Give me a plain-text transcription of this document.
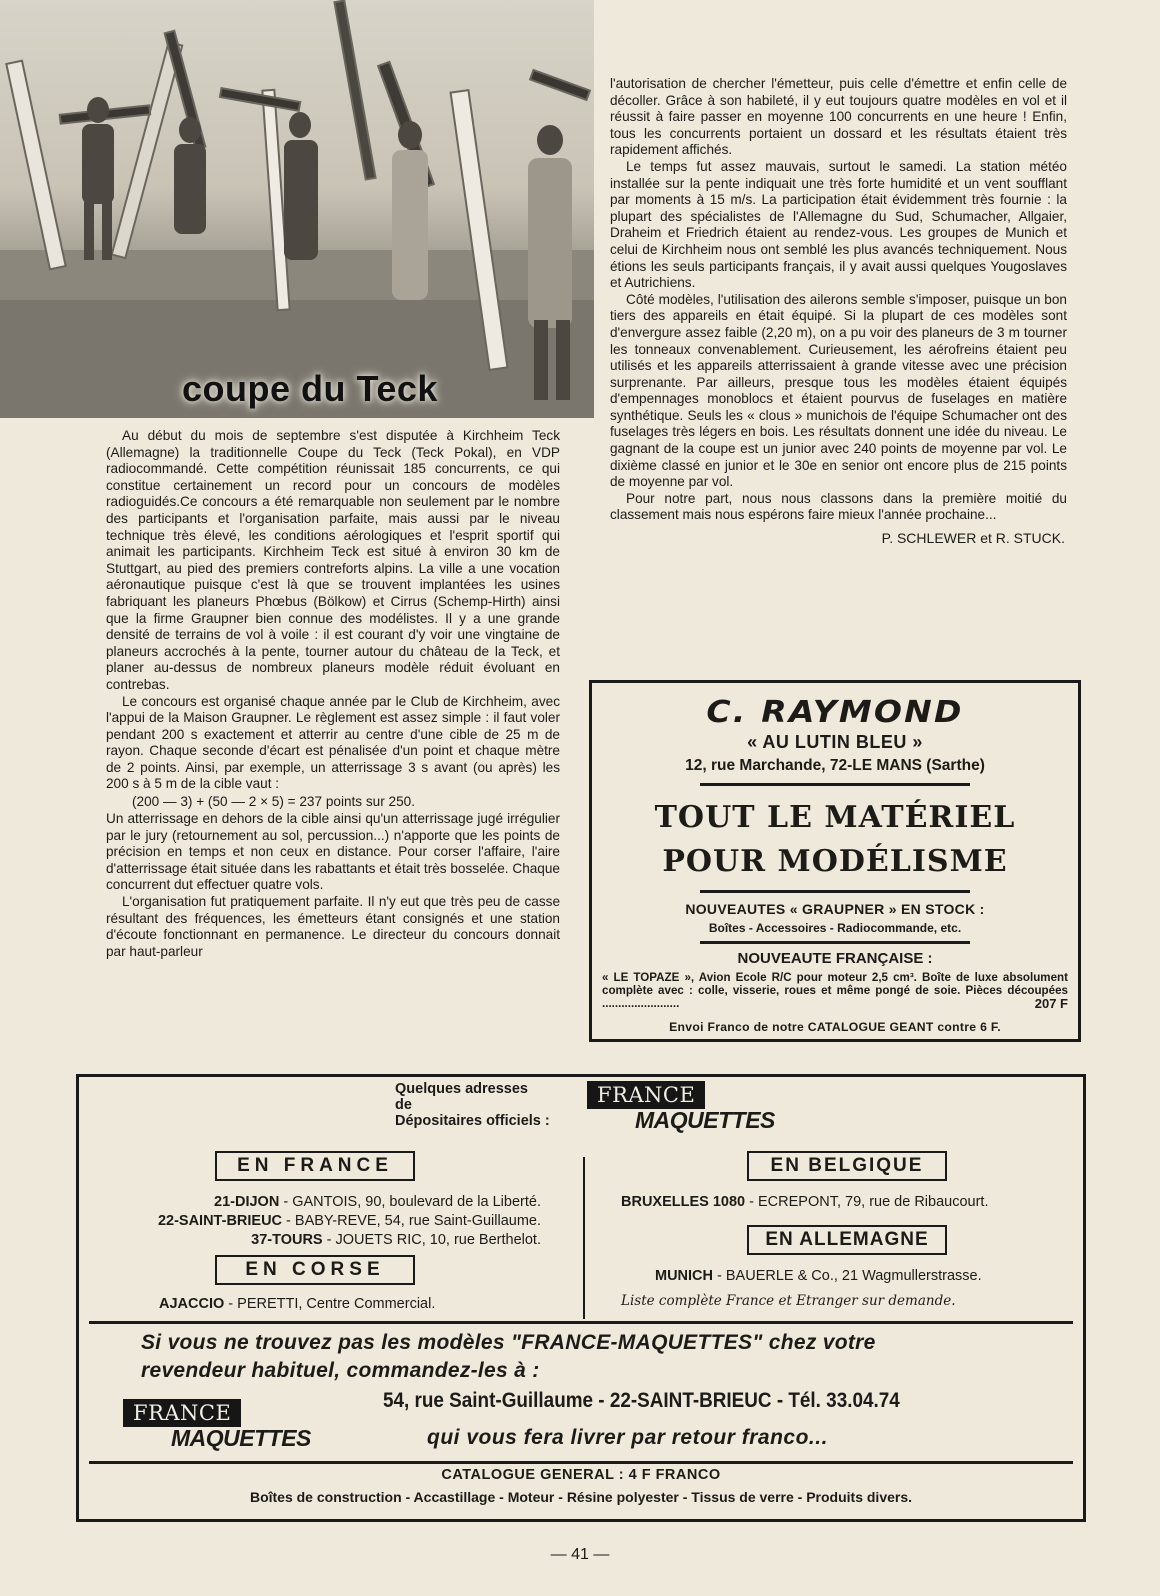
coupe du Teck

Au début du mois de septembre s'est disputée à Kirchheim Teck (Allemagne) la traditionnelle Coupe du Teck (Teck Pokal), en VDP radiocommandé. Cette compétition réunissait 185 concurrents, ce qui constitue certainement un record pour un concours de modèles radioguidés.Ce concours a été remarquable non seulement par le nombre des participants et l'organisation parfaite, mais aussi par le niveau technique très élevé, les conditions aérologiques et l'esprit sportif qui animait les participants. Kirchheim Teck est situé à environ 30 km de Stuttgart, au pied des premiers contreforts alpins. La ville a une vocation aéronautique puisque c'est là que se trouvent implantées les usines fabriquant les planeurs Phœbus (Bölkow) et Cirrus (Schemp-Hirth) ainsi que la firme Graupner bien connue des modélistes. Il y a une grande densité de terrains de vol à voile : il est courant d'y voir une vingtaine de planeurs accrochés à la pente, tourner autour du château de la Teck, et planer au-dessus de nombreux planeurs modèle réduit évoluant en contrebas.

Le concours est organisé chaque année par le Club de Kirchheim, avec l'appui de la Maison Graupner. Le règlement est assez simple : il faut voler pendant 200 s exactement et atterrir au centre d'une cible de 25 m de rayon. Chaque seconde d'écart est pénalisée d'un point et chaque mètre de 2 points. Ainsi, par exemple, un atterrissage 3 s avant (ou après) les 200 s à 5 m de la cible vaut :

(200 — 3) + (50 — 2 × 5) = 237 points sur 250.

Un atterrissage en dehors de la cible ainsi qu'un atterrissage jugé irrégulier par le jury (retournement au sol, percussion...) n'apporte que les points de précision en temps et non ceux en distance. Pour corser l'affaire, l'aire d'atterrissage était située dans les rabattants et était très bosselée. Chaque concurrent dut effectuer quatre vols.

L'organisation fut pratiquement parfaite. Il n'y eut que très peu de casse résultant des fréquences, les émetteurs étant consignés et une station d'écoute fonctionnant en permanence. Le directeur du concours donnait par haut-parleur

l'autorisation de chercher l'émetteur, puis celle d'émettre et enfin celle de décoller. Grâce à son habileté, il y eut toujours quatre modèles en vol et il réussit à faire passer en moyenne 100 concurrents en une heure ! Enfin, tous les concurrents portaient un dossard et les résultats étaient très rapidement affichés.

Le temps fut assez mauvais, surtout le samedi. La station météo installée sur la pente indiquait une très forte humidité et un vent soufflant par moments à 15 m/s. La participation était évidemment très fournie : la plupart des spécialistes de l'Allemagne du Sud, Schumacher, Allgaier, Draheim et Friedrich étaient au rendez-vous. Les groupes de Munich et celui de Kirchheim nous ont semblé les plus avancés techniquement. Nous étions les seuls participants français, il y avait aussi quelques Yougoslaves et Autrichiens.

Côté modèles, l'utilisation des ailerons semble s'imposer, puisque un bon tiers des appareils en était équipé. Si la plupart de ces modèles sont d'envergure assez faible (2,20 m), on a pu voir des planeurs de 3 m tourner les tonneaux convenablement. Curieusement, les aérofreins étaient peu utilisés et les appareils atterrissaient à grande vitesse avec une précision surprenante. Par ailleurs, presque tous les modèles étaient équipés d'empennages monoblocs et étaient pourvus de fuselages en matière synthétique. Seuls les « clous » munichois de l'équipe Schumacher ont des fuselages très légers en bois. Les résultats donnent une idée du niveau. Le gagnant de la coupe est un junior avec 240 points de moyenne par vol. Le dixième classé en junior et le 30e en senior ont encore plus de 215 points de moyenne par vol.

Pour notre part, nous nous classons dans la première moitié du classement mais nous espérons faire mieux l'année prochaine...

P. SCHLEWER et R. STUCK.

C. RAYMOND
« AU LUTIN BLEU »
12, rue Marchande, 72-LE MANS (Sarthe)
TOUT LE MATÉRIEL
POUR MODÉLISME
NOUVEAUTES « GRAUPNER » EN STOCK :
Boîtes - Accessoires - Radiocommande, etc.
NOUVEAUTE FRANÇAISE :
« LE TOPAZE », Avion Ecole R/C pour moteur 2,5 cm³. Boîte de luxe absolument complète avec : colle, visserie, roues et même pongé de soie. Pièces découpées ........................	207 F
Envoi Franco de notre CATALOGUE GEANT contre 6 F.
Quelques adresses
de
Dépositaires officiels :
FRANCE
MAQUETTES
EN FRANCE
21-DIJON - GANTOIS, 90, boulevard de la Liberté.
22-SAINT-BRIEUC - BABY-REVE, 54, rue Saint-Guillaume.
37-TOURS - JOUETS RIC, 10, rue Berthelot.
EN CORSE
AJACCIO - PERETTI, Centre Commercial.
EN BELGIQUE
BRUXELLES 1080 - ECREPONT, 79, rue de Ribaucourt.
EN ALLEMAGNE
MUNICH - BAUERLE & Co., 21 Wagmullerstrasse.
Liste complète France et Etranger sur demande.
Si vous ne trouvez pas les modèles "FRANCE-MAQUETTES" chez votre
revendeur habituel, commandez-les à :
FRANCE
MAQUETTES
54, rue Saint-Guillaume - 22-SAINT-BRIEUC - Tél. 33.04.74
qui vous fera livrer par retour franco...
CATALOGUE GENERAL : 4 F FRANCO
Boîtes de construction - Accastillage - Moteur - Résine polyester - Tissus de verre - Produits divers.
— 41 —
